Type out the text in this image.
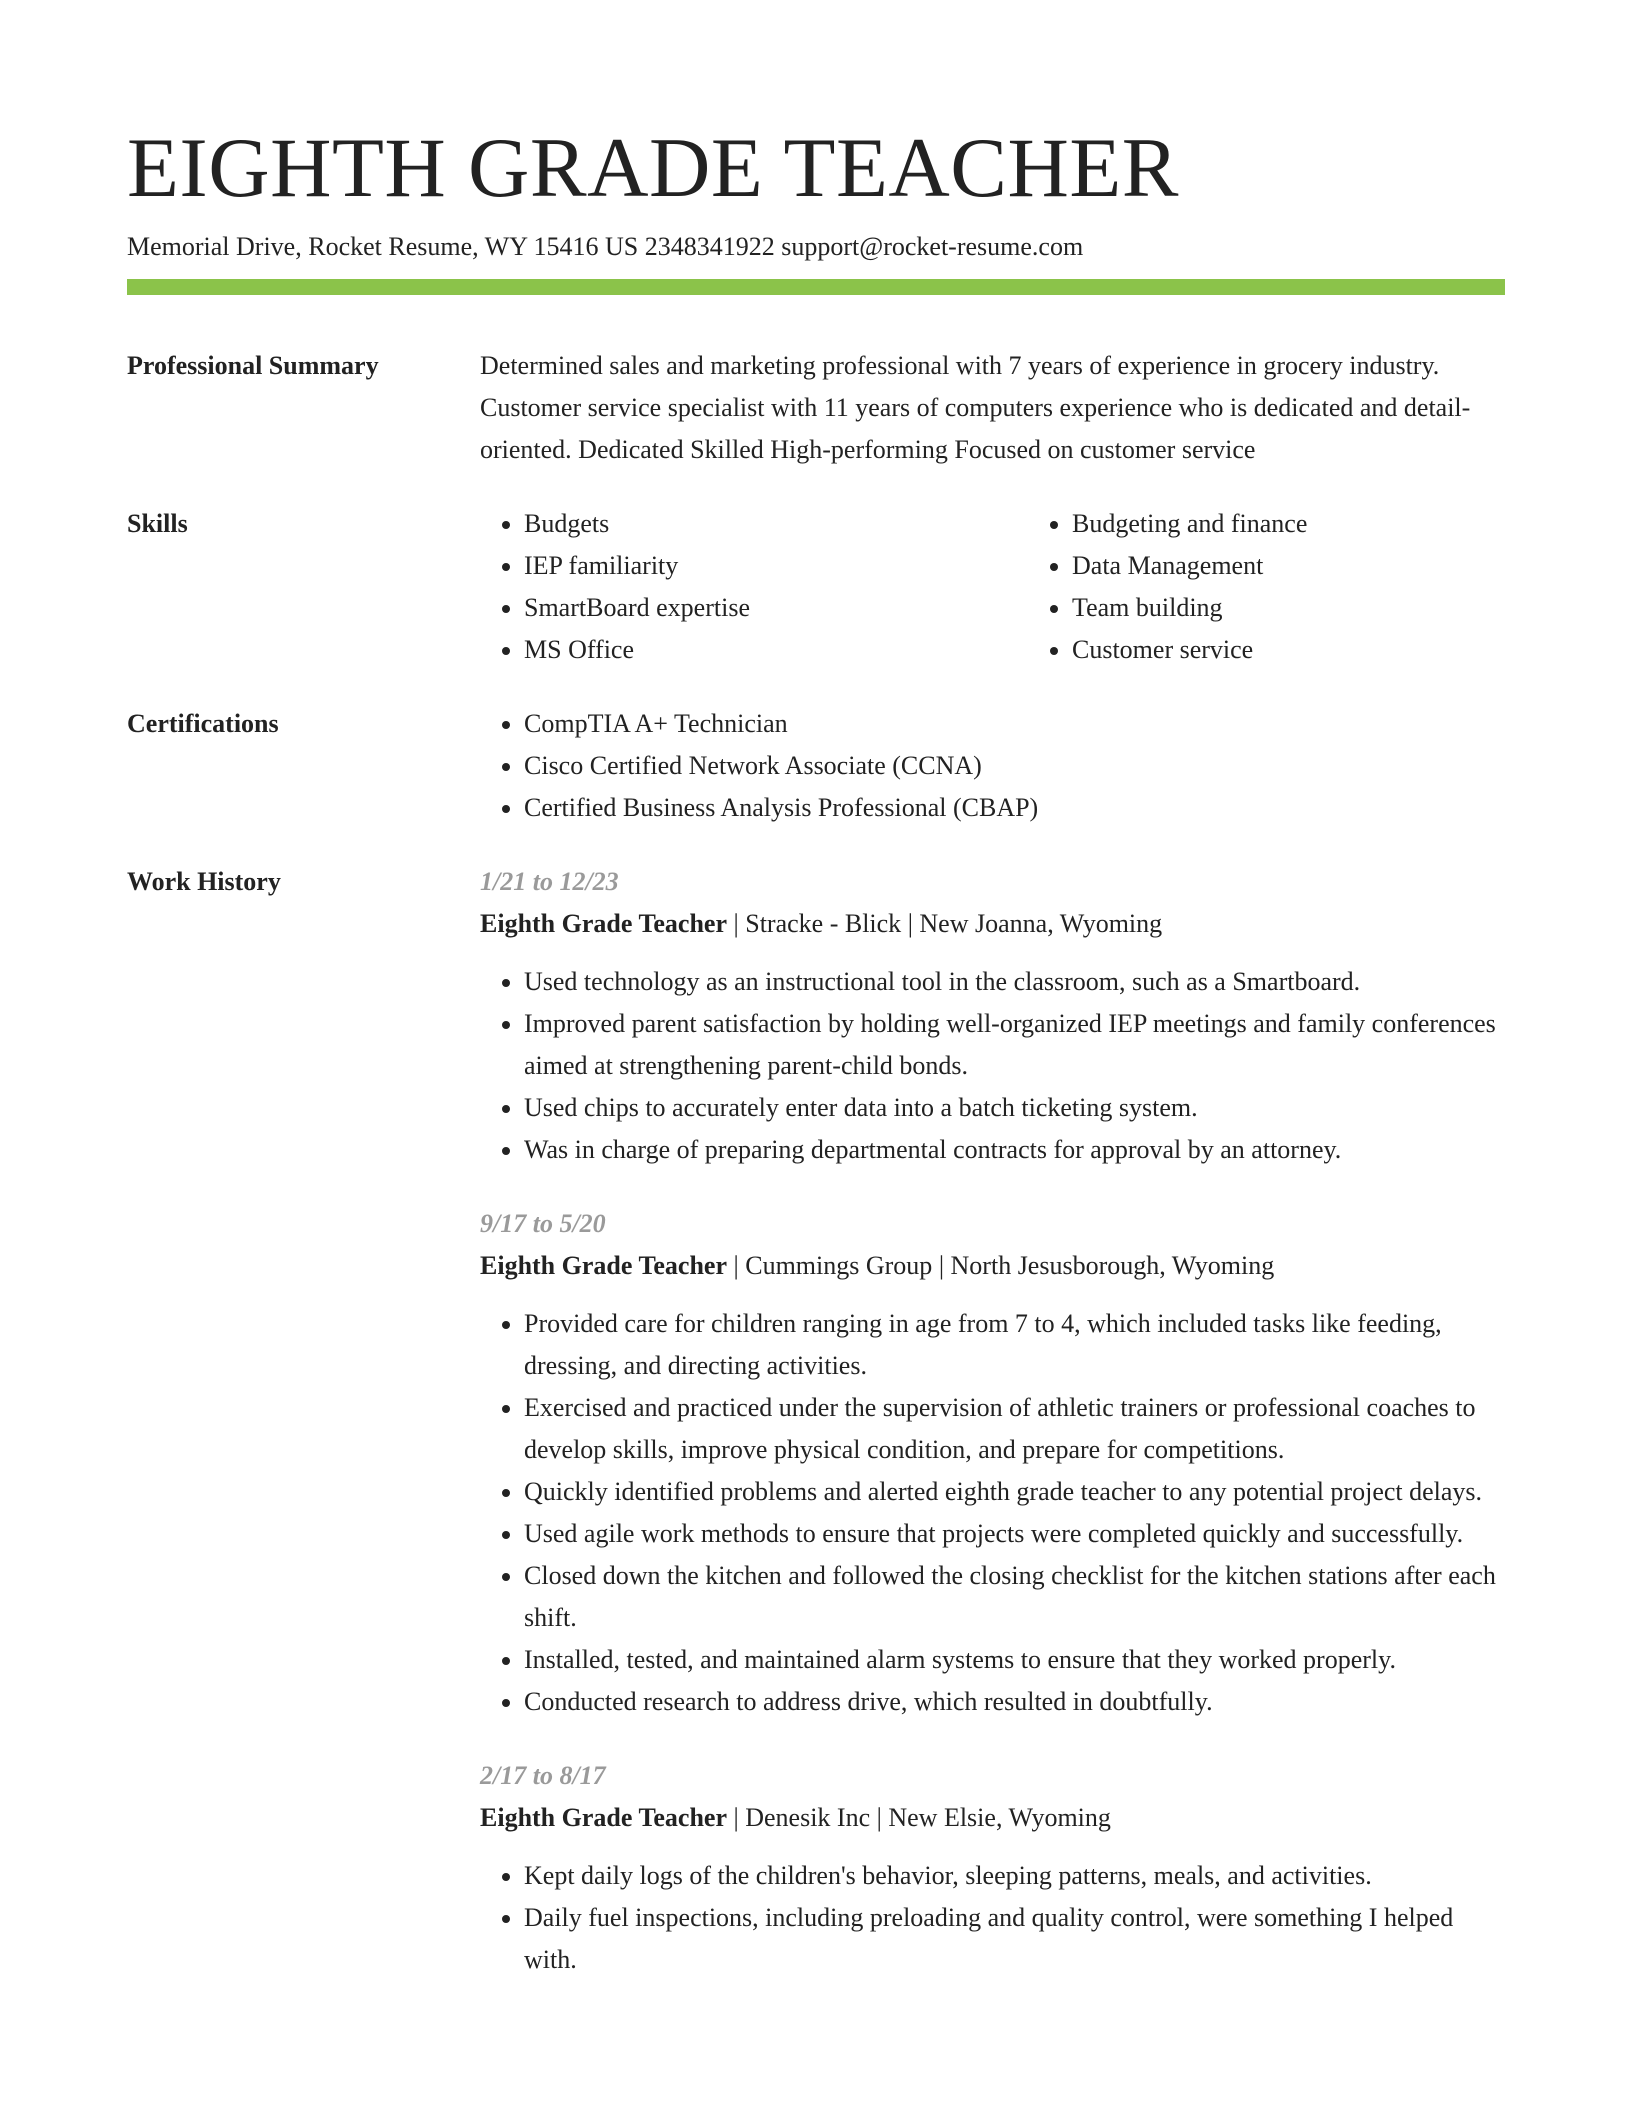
EIGHTH GRADE TEACHER
Memorial Drive, Rocket Resume, WY 15416 US 2348341922 support@rocket-resume.com
Professional Summary	Determined sales and marketing professional with 7 years of experience in grocery industry. Customer service specialist with 11 years of computers experience who is dedicated and detail-oriented. Dedicated Skilled High-performing Focused on customer service

Skills	• Budgets
• IEP familiarity
• SmartBoard expertise
• MS Office
• Budgeting and finance
• Data Management
• Team building
• Customer service
Certifications	• CompTIA A+ Technician
• Cisco Certified Network Associate (CCNA)
• Certified Business Analysis Professional (CBAP)
Work History	1/21 to 12/23

Eighth Grade Teacher | Stracke - Blick | New Joanna, Wyoming

• Used technology as an instructional tool in the classroom, such as a Smartboard.
• Improved parent satisfaction by holding well-organized IEP meetings and family conferences aimed at strengthening parent-child bonds.
• Used chips to accurately enter data into a batch ticketing system.
• Was in charge of preparing departmental contracts for approval by an attorney.
9/17 to 5/20

Eighth Grade Teacher | Cummings Group | North Jesusborough, Wyoming

• Provided care for children ranging in age from 7 to 4, which included tasks like feeding, dressing, and directing activities.
• Exercised and practiced under the supervision of athletic trainers or professional coaches to develop skills, improve physical condition, and prepare for competitions.
• Quickly identified problems and alerted eighth grade teacher to any potential project delays.
• Used agile work methods to ensure that projects were completed quickly and successfully.
• Closed down the kitchen and followed the closing checklist for the kitchen stations after each shift.
• Installed, tested, and maintained alarm systems to ensure that they worked properly.
• Conducted research to address drive, which resulted in doubtfully.
2/17 to 8/17

Eighth Grade Teacher | Denesik Inc | New Elsie, Wyoming

• Kept daily logs of the children's behavior, sleeping patterns, meals, and activities.
• Daily fuel inspections, including preloading and quality control, were something I helped with.
